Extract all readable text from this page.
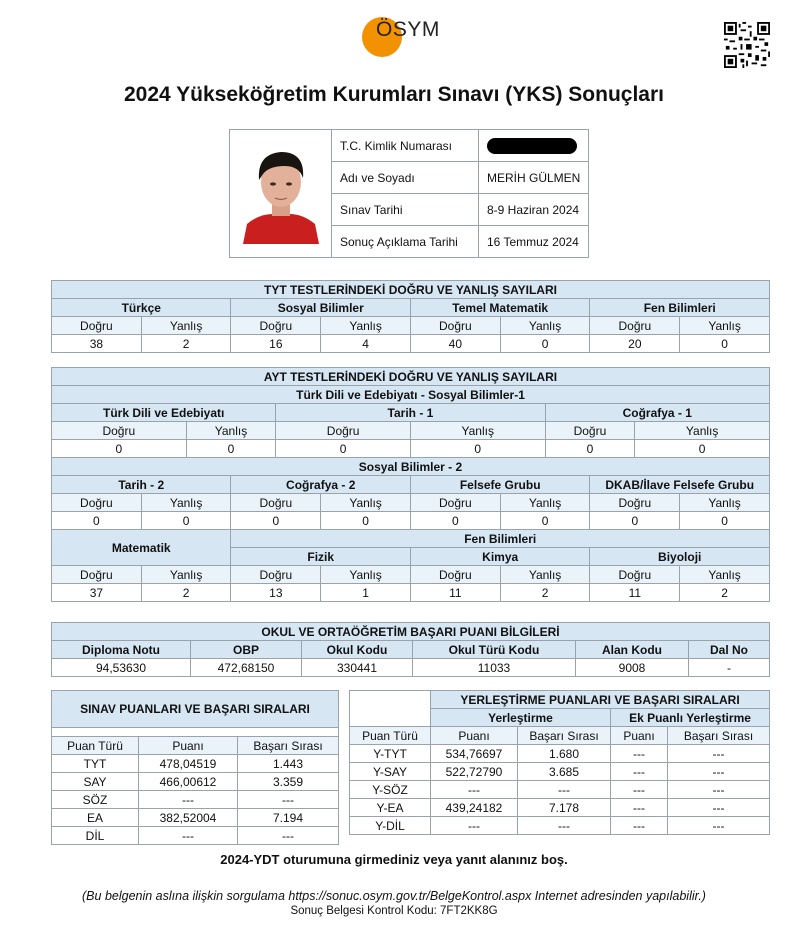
ÖSYM
2024 Yükseköğretim Kurumları Sınavı (YKS) Sonuçları
	T.C. Kimlik Numarası	
	Adı ve Soyadı	MERİH GÜLMEN
	Sınav Tarihi	8-9 Haziran 2024
	Sonuç Açıklama Tarihi	16 Temmuz 2024
TYT TESTLERİNDEKİ DOĞRU VE YANLIŞ SAYILARI							
Türkçe		Sosyal Bilimler		Temel Matematik		Fen Bilimleri	
Doğru	Yanlış	Doğru	Yanlış	Doğru	Yanlış	Doğru	Yanlış
38	2	16	4	40	0	20	0
AYT TESTLERİNDEKİ DOĞRU VE YANLIŞ SAYILARI											
Türk Dili ve Edebiyatı - Sosyal Bilimler-1											
Türk Dili ve Edebiyatı				Tarih - 1				Coğrafya - 1			
Doğru		Yanlış		Doğru		Yanlış		Doğru		Yanlış	
0		0		0		0		0		0	
Sosyal Bilimler - 2											
Tarih - 2			Coğrafya - 2			Felsefe Grubu			DKAB/İlave Felsefe Grubu		
Doğru	Yanlış		Doğru		Yanlış	Doğru	Yanlış		Doğru		Yanlış
0	0		0		0	0	0		0		0
Matematik			Fen Bilimleri								
			Fizik			Kimya			Biyoloji		
Doğru	Yanlış		Doğru		Yanlış	Doğru	Yanlış		Doğru		Yanlış
37	2		13		1	11	2		11		2
OKUL VE ORTAÖĞRETİM BAŞARI PUANI BİLGİLERİ					
Diploma Notu	OBP	Okul Kodu	Okul Türü Kodu	Alan Kodu	Dal No
94,53630	472,68150	330441	11033	9008	-
SINAV PUANLARI VE BAŞARI SIRALARI		

Puan Türü	Puanı	Başarı Sırası
TYT	478,04519	1.443
SAY	466,00612	3.359
SÖZ	---	---
EA	382,52004	7.194
DİL	---	---
	YERLEŞTİRME PUANLARI VE BAŞARI SIRALARI			
	Yerleştirme		Ek Puanlı Yerleştirme	
Puan Türü	Puanı	Başarı Sırası	Puanı	Başarı Sırası
Y-TYT	534,76697	1.680	---	---
Y-SAY	522,72790	3.685	---	---
Y-SÖZ	---	---	---	---
Y-EA	439,24182	7.178	---	---
Y-DİL	---	---	---	---
2024-YDT oturumuna girmediniz veya yanıt alanınız boş.
(Bu belgenin aslına ilişkin sorgulama https://sonuc.osym.gov.tr/BelgeKontrol.aspx Internet adresinden yapılabilir.)
Sonuç Belgesi Kontrol Kodu: 7FT2KK8G
